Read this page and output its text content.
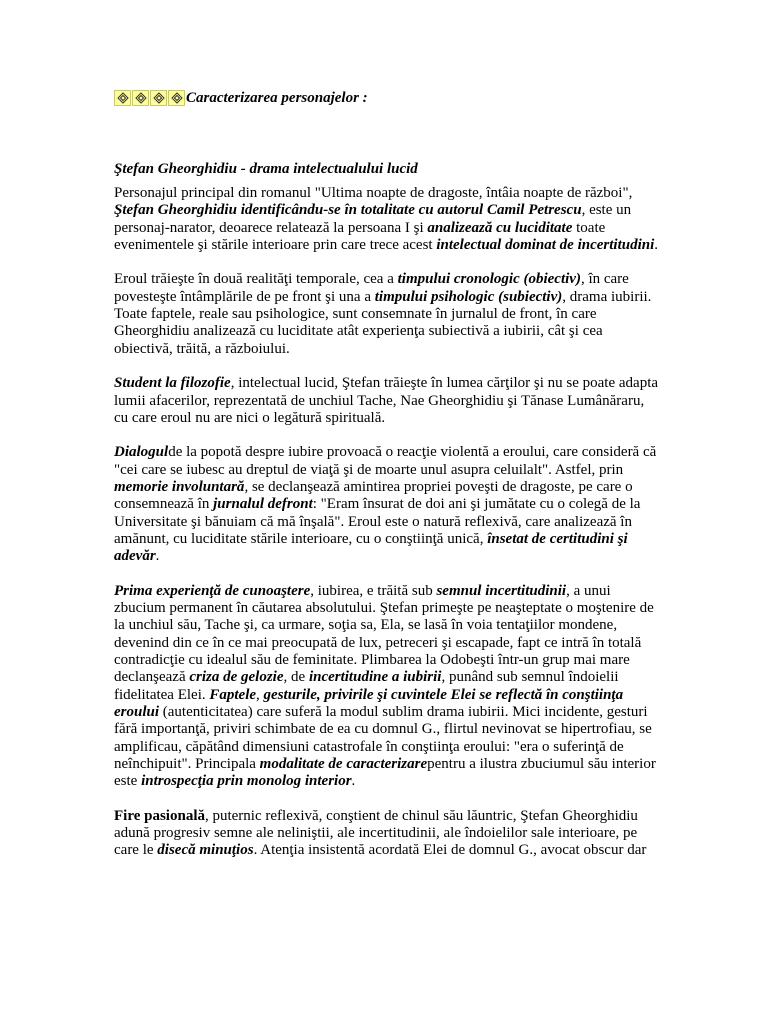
Caracterizarea personajelor :
Ştefan Gheorghidiu - drama intelectualului lucid

Personajul principal din romanul "Ultima noapte de dragoste, întâia noapte de război", Ştefan Gheorghidiu identificându-se în totalitate cu autorul Camil Petrescu, este un personaj-narator, deoarece relatează la persoana I şi analizează cu luciditate toate evenimentele şi stările interioare prin care trece acest intelectual dominat de incertitudini.

Eroul trăieşte în două realităţi temporale, cea a timpului cronologic (obiectiv), în care povesteşte întâmplările de pe front şi una a timpului psihologic (subiectiv), drama iubirii. Toate faptele, reale sau psihologice, sunt consemnate în jurnalul de front, în care Gheorghidiu analizează cu luciditate atât experienţa subiectivă a iubirii, cât şi cea obiectivă, trăită, a războiului.

Student la filozofie, intelectual lucid, Ştefan trăieşte în lumea cărţilor şi nu se poate adapta lumii afacerilor, reprezentată de unchiul Tache, Nae Gheorghidiu şi Tănase Lumânăraru, cu care eroul nu are nici o legătură spirituală.

Dialogulde la popotă despre iubire provoacă o reacţie violentă a eroului, care consideră că "cei care se iubesc au dreptul de viaţă şi de moarte unul asupra celuilalt". Astfel, prin memorie involuntară, se declanşează amintirea propriei poveşti de dragoste, pe care o consemnează în jurnalul defront: "Eram însurat de doi ani şi jumătate cu o colegă de la Universitate şi bănuiam că mă înşală". Eroul este o natură reflexivă, care analizează în amănunt, cu luciditate stările interioare, cu o conştiinţă unică, însetat de certitudini şi adevăr.

Prima experienţă de cunoaştere, iubirea, e trăită sub semnul incertitudinii, a unui zbucium permanent în căutarea absolutului. Ştefan primeşte pe neaşteptate o moştenire de la unchiul său, Tache şi, ca urmare, soţia sa, Ela, se lasă în voia tentaţiilor mondene, devenind din ce în ce mai preocupată de lux, petreceri şi escapade, fapt ce intră în totală contradicţie cu idealul său de feminitate. Plimbarea la Odobeşti într-un grup mai mare declanşează criza de gelozie, de incertitudine a iubirii, punând sub semnul îndoielii fidelitatea Elei. Faptele, gesturile, privirile şi cuvintele Elei se reflectă în conştiinţa eroului (autenticitatea) care suferă la modul sublim drama iubirii. Mici incidente, gesturi fără importanţă, priviri schimbate de ea cu domnul G., flirtul nevinovat se hipertrofiau, se amplificau, căpătând dimensiuni catastrofale în conştiinţa eroului: "era o suferinţă de neînchipuit". Principala modalitate de caracterizarepentru a ilustra zbuciumul său interior este introspecţia prin monolog interior.

Fire pasională, puternic reflexivă, conştient de chinul său lăuntric, Ştefan Gheorghidiu adună progresiv semne ale neliniştii, ale incertitudinii, ale îndoielilor sale interioare, pe care le disecă minuţios. Atenţia insistentă acordată Elei de domnul G., avocat obscur dar
